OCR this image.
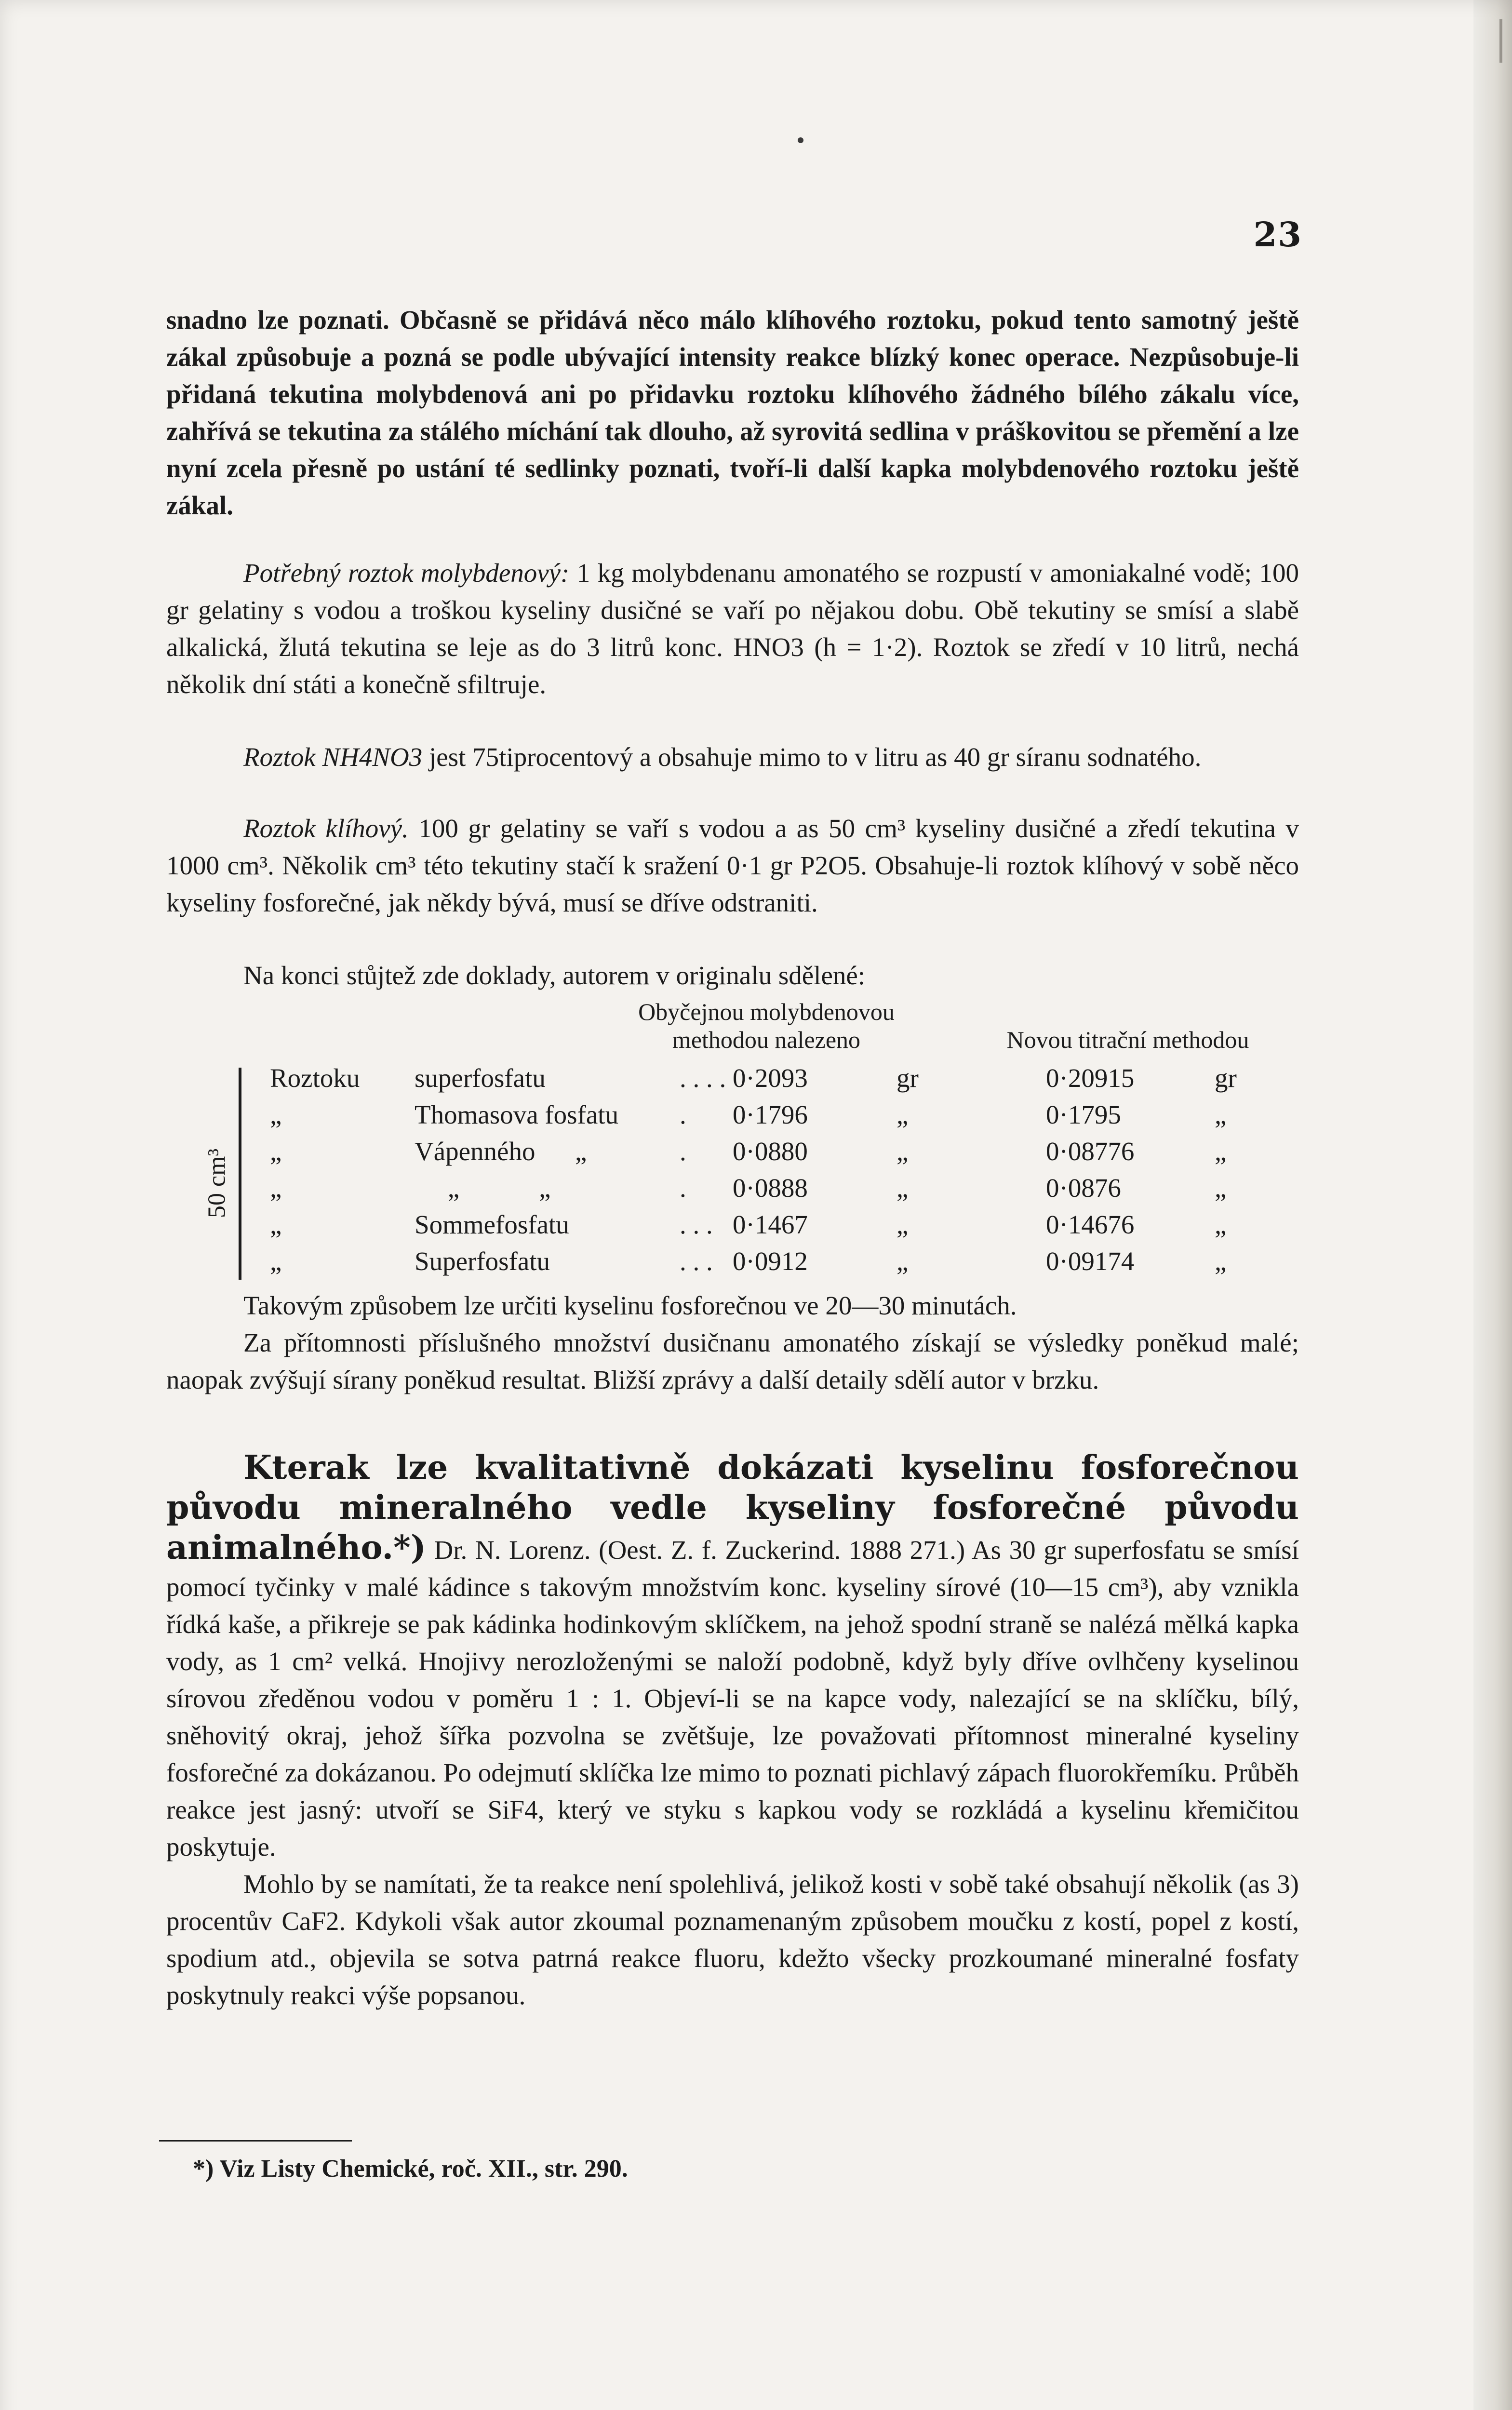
23

snadno lze poznati. Občasně se přidává něco málo klíhového roztoku, pokud tento samotný ještě zákal způsobuje a pozná se podle ubývající intensity reakce blízký konec operace. Nezpůsobuje-li přidaná tekutina molybdenová ani po přidavku roztoku klíhového žádného bílého zákalu více, zahřívá se tekutina za stálého míchání tak dlouho, až syrovitá sedlina v práškovitou se přemění a lze nyní zcela přesně po ustání té sedlinky poznati, tvoří-li další kapka molybdenového roztoku ještě zákal.

Potřebný roztok molybdenový: 1 kg molybdenanu amonatého se rozpustí v amoniakalné vodě; 100 gr gelatiny s vodou a troškou kyseliny dusičné se vaří po nějakou dobu. Obě tekutiny se smísí a slabě alkalická, žlutá tekutina se leje as do 3 litrů konc. HNO3 (h = 1·2). Roztok se zředí v 10 litrů, nechá několik dní státi a konečně sfiltruje.

Roztok NH4NO3 jest 75tiprocentový a obsahuje mimo to v litru as 40 gr síranu sodnatého.

Roztok klíhový. 100 gr gelatiny se vaří s vodou a as 50 cm³ kyseliny dusičné a zředí tekutina v 1000 cm³. Několik cm³ této tekutiny stačí k sražení 0·1 gr P2O5. Obsahuje-li roztok klíhový v sobě něco kyseliny fosforečné, jak někdy bývá, musí se dříve odstraniti.

Na konci stůjtež zde doklady, autorem v originalu sdělené:

Obyčejnou molybdenovou methodou nalezeno	Novou titrační methodou
50 cm³
Roztoku superfosfatu	. . . . 0·2093	gr	0·20915	gr
„	Thomasova fosfatu . 0·1796	„	0·1795	„
„	Vápenného      „	. 0·0880	„	0·08776	„
„	„            „	. 0·0888	„	0·0876	„
„	Sommefosfatu	. . . 0·1467	„	0·14676	„
„	Superfosfatu	. . . 0·0912	„	0·09174	„

Takovým způsobem lze určiti kyselinu fosforečnou ve 20—30 minutách.

Za přítomnosti příslušného množství dusičnanu amonatého získají se výsledky poněkud malé; naopak zvýšují sírany poněkud resultat. Bližší zprávy a další detaily sdělí autor v brzku.

Kterak lze kvalitativně dokázati kyselinu fosforečnou původu mineralného vedle kyseliny fosforečné původu animalného.*) Dr. N. Lorenz. (Oest. Z. f. Zuckerind. 1888 271.) As 30 gr superfosfatu se smísí pomocí tyčinky v malé kádince s takovým množstvím konc. kyseliny sírové (10—15 cm³), aby vznikla řídká kaše, a přikreje se pak kádinka hodinkovým sklíčkem, na jehož spodní straně se nalézá mělká kapka vody, as 1 cm² velká. Hnojivy nerozloženými se naloží podobně, když byly dříve ovlhčeny kyselinou sírovou zředěnou vodou v poměru 1 : 1. Objeví-li se na kapce vody, nalezající se na sklíčku, bílý, sněhovitý okraj, jehož šířka pozvolna se zvětšuje, lze považovati přítomnost mineralné kyseliny fosforečné za dokázanou. Po odejmutí sklíčka lze mimo to poznati pichlavý zápach fluorokřemíku. Průběh reakce jest jasný: utvoří se SiF4, který ve styku s kapkou vody se rozkládá a kyselinu křemičitou poskytuje.

Mohlo by se namítati, že ta reakce není spolehlivá, jelikož kosti v sobě také obsahují několik (as 3) procentův CaF2. Kdykoli však autor zkoumal poznamenaným způsobem moučku z kostí, popel z kostí, spodium atd., objevila se sotva patrná reakce fluoru, kdežto všecky prozkoumané mineralné fosfaty poskytnuly reakci výše popsanou.

*) Viz Listy Chemické, roč. XII., str. 290.
